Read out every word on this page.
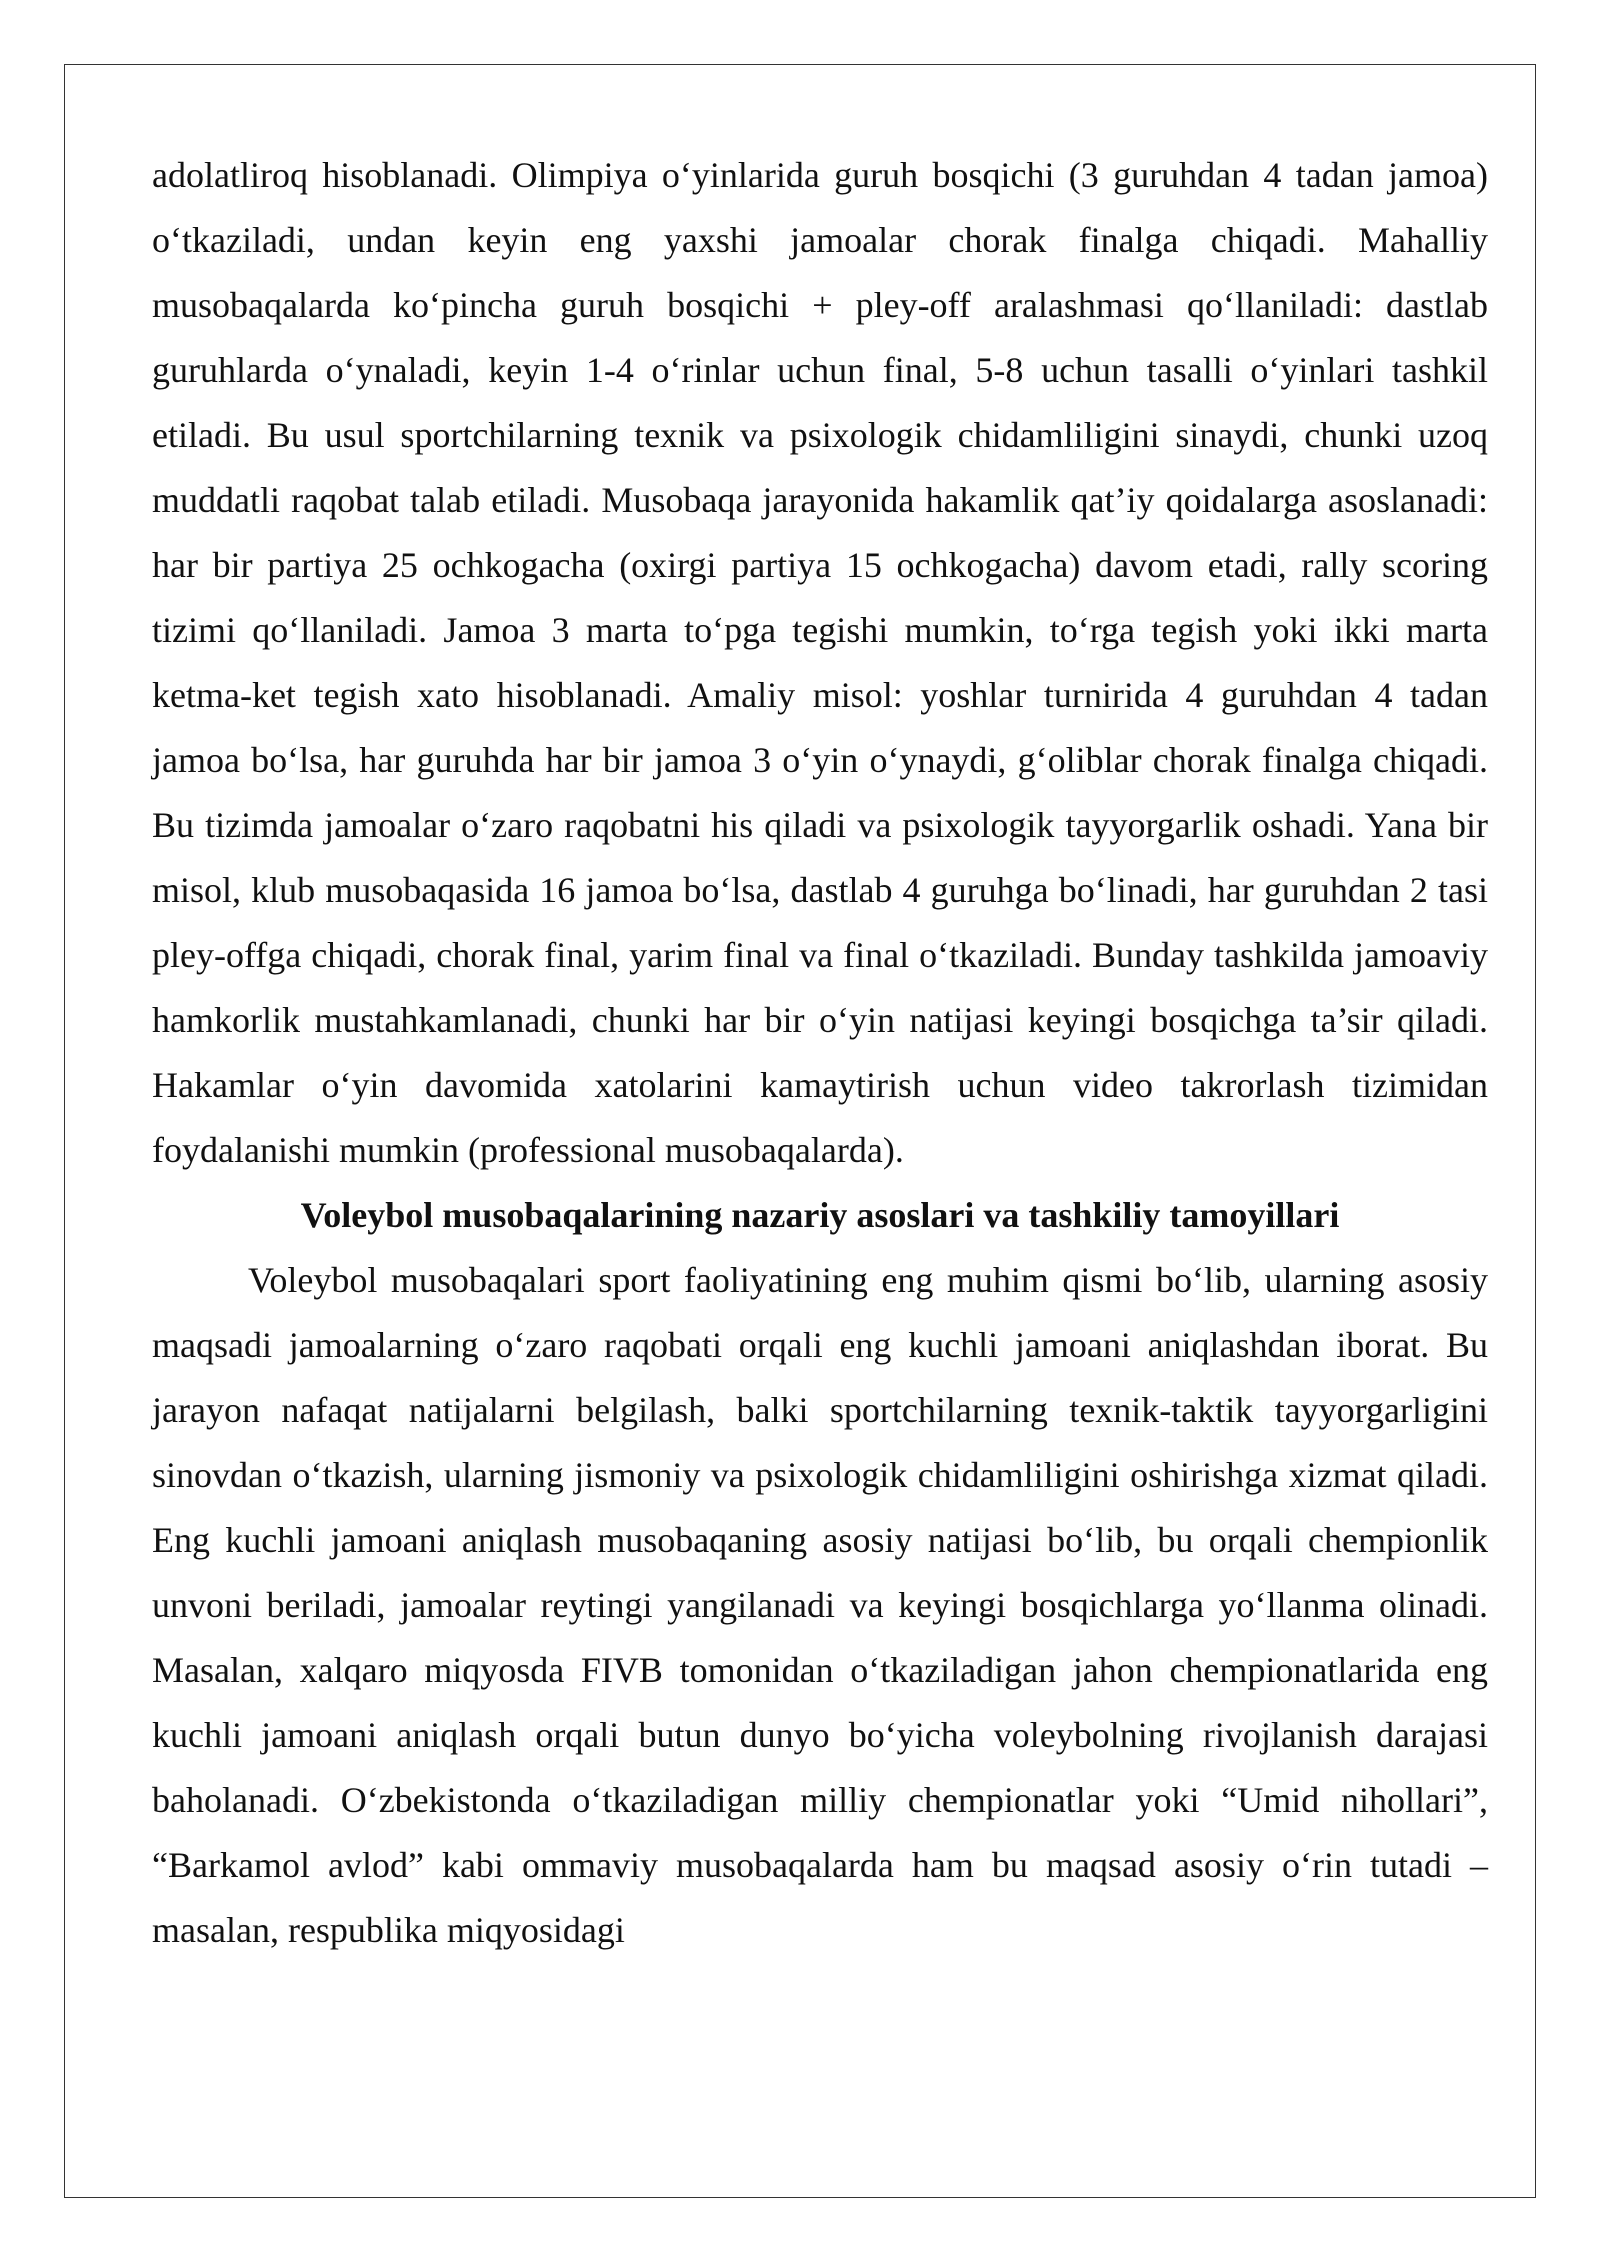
adolatliroq hisoblanadi. Olimpiya o‘yinlarida guruh bosqichi (3 guruhdan 4 tadan jamoa) o‘tkaziladi, undan keyin eng yaxshi jamoalar chorak finalga chiqadi. Mahalliy musobaqalarda ko‘pincha guruh bosqichi + pley-off aralashmasi qo‘llaniladi: dastlab guruhlarda o‘ynaladi, keyin 1-4 o‘rinlar uchun final, 5-8 uchun tasalli o‘yinlari tashkil etiladi. Bu usul sportchilarning texnik va psixologik chidamliligini sinaydi, chunki uzoq muddatli raqobat talab etiladi. Musobaqa jarayonida hakamlik qat’iy qoidalarga asoslanadi: har bir partiya 25 ochkogacha (oxirgi partiya 15 ochkogacha) davom etadi, rally scoring tizimi qo‘llaniladi. Jamoa 3 marta to‘pga tegishi mumkin, to‘rga tegish yoki ikki marta ketma-ket tegish xato hisoblanadi. Amaliy misol: yoshlar turnirida 4 guruhdan 4 tadan jamoa bo‘lsa, har guruhda har bir jamoa 3 o‘yin o‘ynaydi, g‘oliblar chorak finalga chiqadi. Bu tizimda jamoalar o‘zaro raqobatni his qiladi va psixologik tayyorgarlik oshadi. Yana bir misol, klub musobaqasida 16 jamoa bo‘lsa, dastlab 4 guruhga bo‘linadi, har guruhdan 2 tasi pley-offga chiqadi, chorak final, yarim final va final o‘tkaziladi. Bunday tashkilda jamoaviy hamkorlik mustahkamlanadi, chunki har bir o‘yin natijasi keyingi bosqichga ta’sir qiladi. Hakamlar o‘yin davomida xatolarini kamaytirish uchun video takrorlash tizimidan foydalanishi mumkin (professional musobaqalarda).

Voleybol musobaqalarining nazariy asoslari va tashkiliy tamoyillari

Voleybol musobaqalari sport faoliyatining eng muhim qismi bo‘lib, ularning asosiy maqsadi jamoalarning o‘zaro raqobati orqali eng kuchli jamoani aniqlashdan iborat. Bu jarayon nafaqat natijalarni belgilash, balki sportchilarning texnik-taktik tayyorgarligini sinovdan o‘tkazish, ularning jismoniy va psixologik chidamliligini oshirishga xizmat qiladi. Eng kuchli jamoani aniqlash musobaqaning asosiy natijasi bo‘lib, bu orqali chempionlik unvoni beriladi, jamoalar reytingi yangilanadi va keyingi bosqichlarga yo‘llanma olinadi. Masalan, xalqaro miqyosda FIVB tomonidan o‘tkaziladigan jahon chempionatlarida eng kuchli jamoani aniqlash orqali butun dunyo bo‘yicha voleybolning rivojlanish darajasi baholanadi. O‘zbekistonda o‘tkaziladigan milliy chempionatlar yoki “Umid nihollari”, “Barkamol avlod” kabi ommaviy musobaqalarda ham bu maqsad asosiy o‘rin tutadi – masalan, respublika miqyosidagi
